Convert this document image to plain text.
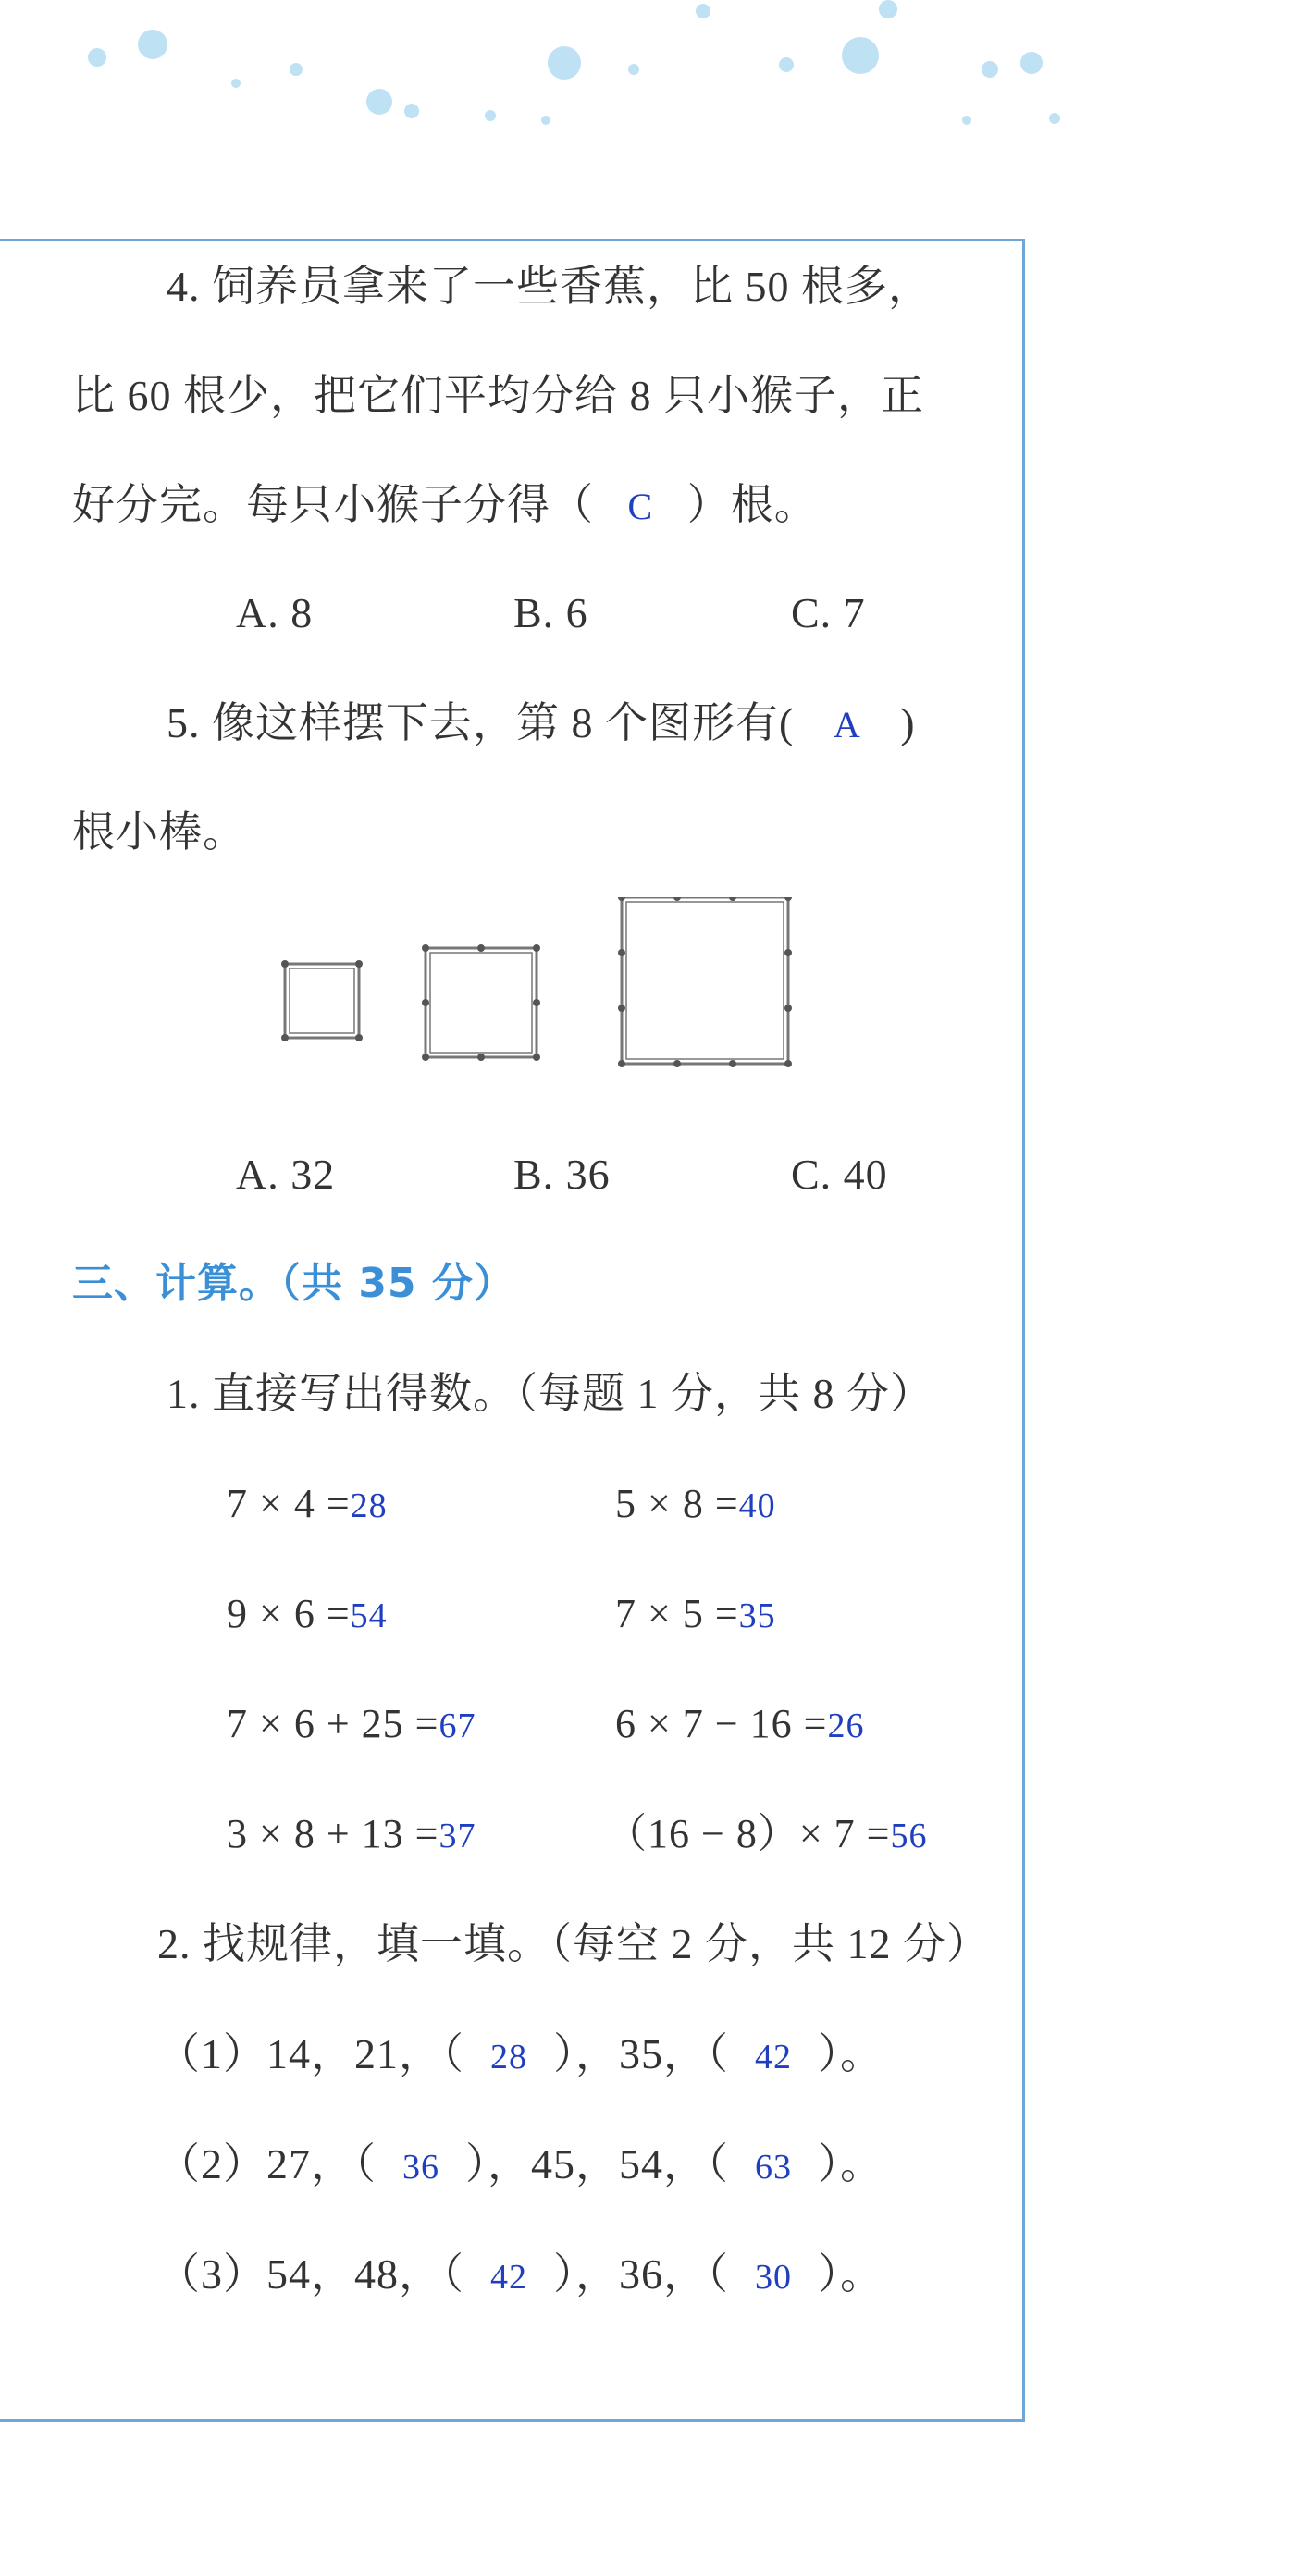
4. 饲养员拿来了一些香蕉，比 50 根多，
比 60 根少，把它们平均分给 8 只小猴子，正
好分完。每只小猴子分得（ C ）根。
A. 8	B. 6	C. 7
5. 像这样摆下去，第 8 个图形有( A )
根小棒。
A. 32	B. 36	C. 40
三、计算。（共 35 分）
1. 直接写出得数。（每题 1 分，共 8 分）
7 × 4 =28	5 × 8 =40
9 × 6 =54	7 × 5 =35
7 × 6 + 25 =67	6 × 7 − 16 =26
3 × 8 + 13 =37	（16 − 8）× 7 =56
2. 找规律，填一填。（每空 2 分，共 12 分）
（1）14，21，（ 28 ），35，（ 42 ）。
（2）27，（ 36 ），45，54，（ 63 ）。
（3）54，48，（ 42 ），36，（ 30 ）。
